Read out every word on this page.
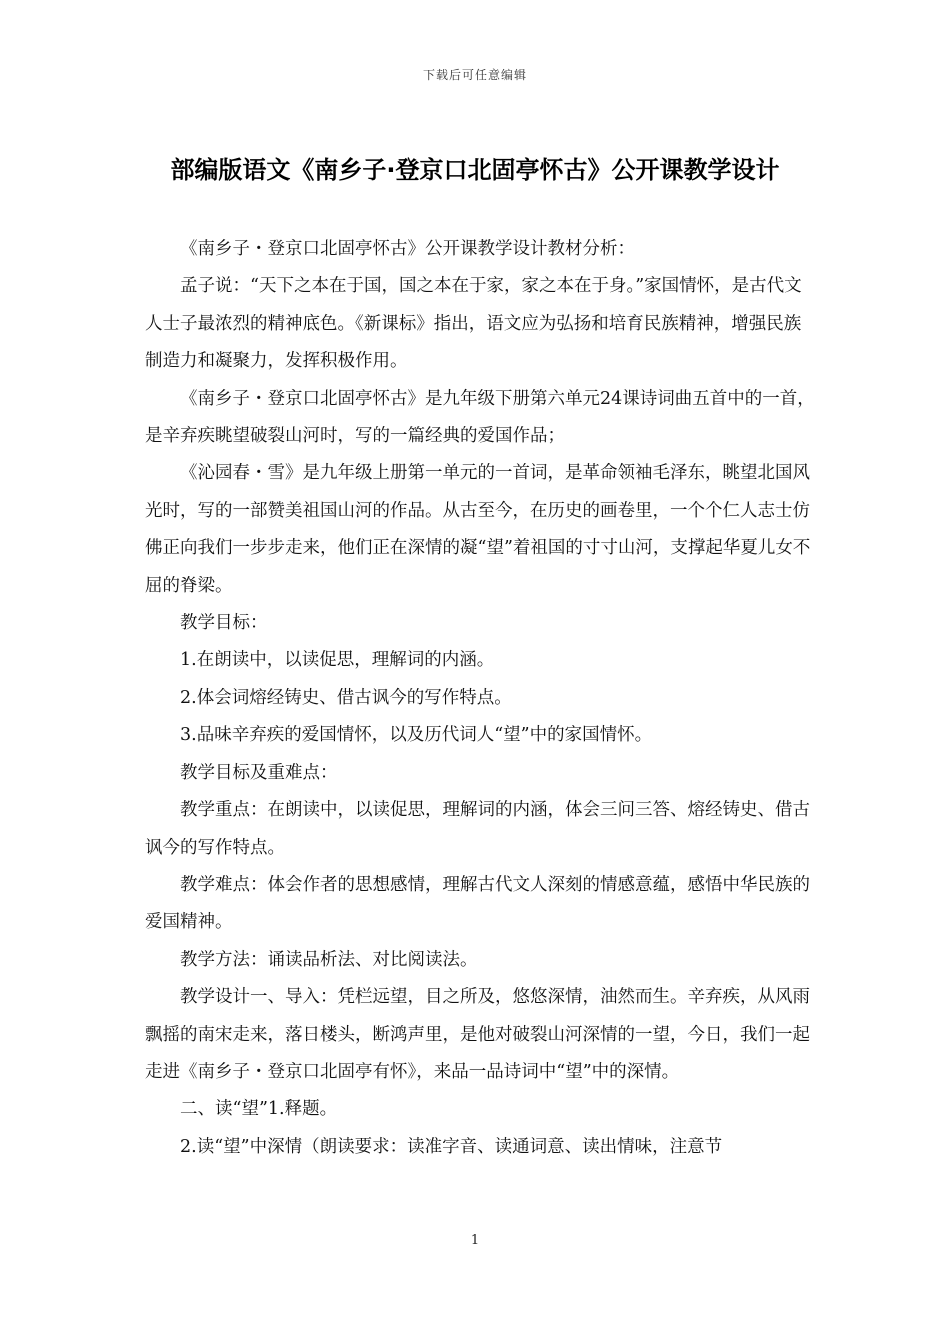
下载后可任意编辑
部编版语文《南乡子·登京口北固亭怀古》公开课教学设计

《南乡子・登京口北固亭怀古》公开课教学设计教材分析：

孟子说：“天下之本在于国，国之本在于家，家之本在于身。”家国情怀，是古代文人士子最浓烈的精神底色。《新课标》指出，语文应为弘扬和培育民族精神，增强民族制造力和凝聚力，发挥积极作用。

《南乡子・登京口北固亭怀古》是九年级下册第六单元24课诗词曲五首中的一首，是辛弃疾眺望破裂山河时，写的一篇经典的爱国作品；

《沁园春・雪》是九年级上册第一单元的一首词，是革命领袖毛泽东，眺望北国风光时，写的一部赞美祖国山河的作品。从古至今，在历史的画卷里，一个个仁人志士仿佛正向我们一步步走来，他们正在深情的凝“望”着祖国的寸寸山河，支撑起华夏儿女不屈的脊梁。

教学目标：

1.在朗读中，以读促思，理解词的内涵。

2.体会词熔经铸史、借古讽今的写作特点。

3.品味辛弃疾的爱国情怀，以及历代词人“望”中的家国情怀。

教学目标及重难点：

教学重点：在朗读中，以读促思，理解词的内涵，体会三问三答、熔经铸史、借古讽今的写作特点。

教学难点：体会作者的思想感情，理解古代文人深刻的情感意蕴，感悟中华民族的爱国精神。

教学方法：诵读品析法、对比阅读法。

教学设计一、导入：凭栏远望，目之所及，悠悠深情，油然而生。辛弃疾，从风雨飘摇的南宋走来，落日楼头，断鸿声里，是他对破裂山河深情的一望，今日，我们一起走进《南乡子・登京口北固亭有怀》，来品一品诗词中“望”中的深情。

二、读“望”1.释题。

2.读“望”中深情（朗读要求：读准字音、读通词意、读出情味，注意节

1
